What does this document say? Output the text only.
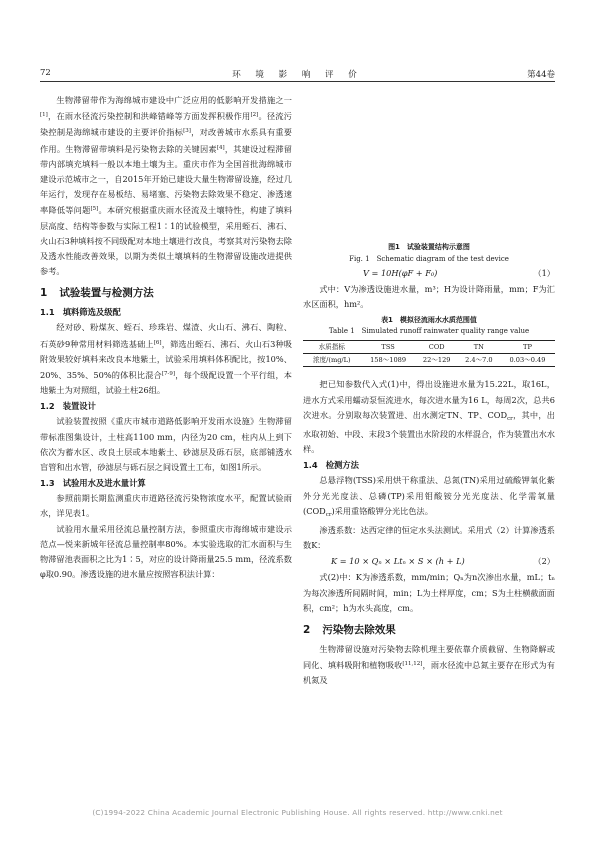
72	环 境 影 响 评 价	第44卷

生物滞留带作为海绵城市建设中广泛应用的低影响开发措施之一[1]，在雨水径流污染控制和洪峰错峰等方面发挥积极作用[2]。径流污染控制是海绵城市建设的主要评价指标[3]，对改善城市水系具有重要作用。生物滞留带填料是污染物去除的关键因素[4]，其建设过程滞留带内部填充填料一般以本地土壤为主。重庆市作为全国首批海绵城市建设示范城市之一，自2015年开始已建设大量生物滞留设施，经过几年运行，发现存在易板结、易堵塞、污染物去除效果不稳定、渗透速率降低等问题[5]。本研究根据重庆雨水径流及土壤特性，构建了填料层高度、结构等参数与实际工程1∶1的试验模型，采用蛭石、沸石、火山石3种填料按不同级配对本地土壤进行改良，考察其对污染物去除及透水性能改善效果，以期为类似土壤填料的生物滞留设施改进提供参考。

1 试验装置与检测方法
1.1 填料筛选及级配

经对砂、粉煤灰、蛭石、珍珠岩、煤渣、火山石、沸石、陶粒、石英砂9种常用材料筛选基础上[6]，筛选出蛭石、沸石、火山石3种吸附效果较好填料来改良本地紫土，试验采用填料体积配比，按10%、20%、35%、50%的体积比混合[7-9]，每个级配设置一个平行组，本地紫土为对照组，试验土柱26组。

1.2 装置设计

试验装置按照《重庆市城市道路低影响开发雨水设施》生物滞留带标准图集设计，土柱高1100 mm，内径为20 cm，柱内从上到下依次为蓄水区、改良土层或本地紫土、砂滤层及砾石层，底部铺透水盲管和出水管，砂滤层与砾石层之间设置土工布，如图1所示。

1.3 试验用水及进水量计算

参照前期长期监测重庆市道路径流污染物浓度水平，配置试验雨水，详见表1。

试验用水量采用径流总量控制方法，参照重庆市海绵城市建设示范点—悦来新城年径流总量控制率80%。本实验选取的汇水面积与生物滞留池表面积之比为1∶5，对应的设计降雨量25.5 mm，径流系数φ取0.90。渗透设施的进水量应按照容积法计算：

图1　试验装置结构示意图
Fig. 1　Schematic diagram of the test device
V = 10H(φF + F₀)	（1）

式中：V为渗透设施进水量，m³；H为设计降雨量，mm；F为汇水区面积，hm²。

表1　模拟径流雨水水质范围值
Table 1　Simulated runoff rainwater quality range value
水质指标	TSS	COD	TN	TP
浓度/(mg/L)	158～1089	22～129	2.4～7.0	0.03～0.49

把已知参数代入式(1)中，得出设施进水量为15.22L，取16L，进水方式采用蠕动泵恒流进水，每次进水量为16 L，每周2次，总共6次进水。分别取每次装置进、出水测定TN、TP、$COD_{cr}$，其中，出水取初始、中段、末段3个装置出水阶段的水样混合，作为装置出水水样。

1.4 检测方法

总悬浮物(TSS)采用烘干称重法、总氮(TN)采用过硫酸钾氧化紫外分光光度法、总磷(TP)采用钼酸铵分光光度法、化学需氧量$(COD_{cr})$采用重铬酸钾分光比色法。

渗透系数：达西定律的恒定水头法测试。采用式（2）计算渗透系数K：

K = 10 × Qₙ × Ltₙ × S × (h + L)	（2）

式(2)中：K为渗透系数，mm/min；Qₙ为n次渗出水量，mL；tₙ为每次渗透所间隔时间，min；L为土样厚度，cm；S为土柱横截面面积，cm²；h为水头高度，cm。

2 污染物去除效果

生物滞留设施对污染物去除机理主要依靠介质截留、生物降解或同化、填料吸附和植物吸收[11,12]，雨水径流中总氮主要存在形式为有机氮及

(C)1994-2022 China Academic Journal Electronic Publishing House. All rights reserved. http://www.cnki.net
